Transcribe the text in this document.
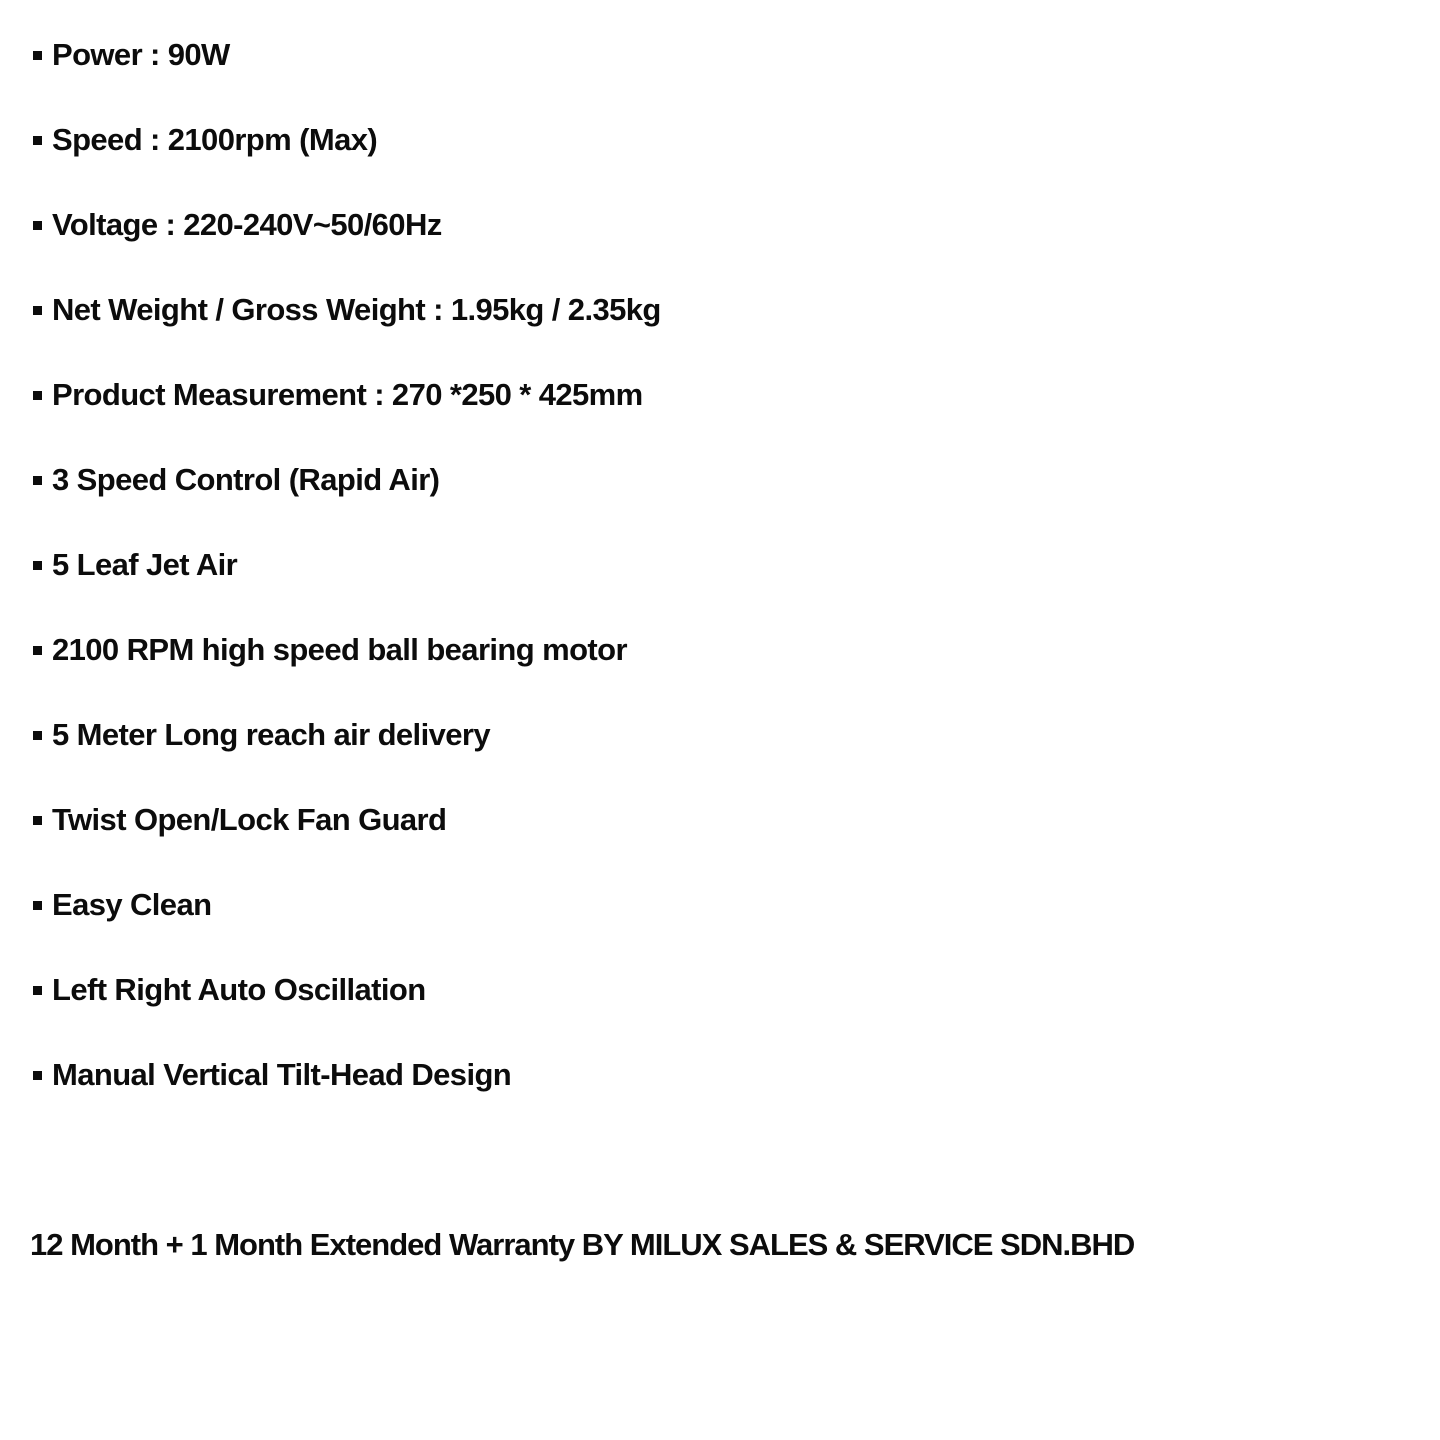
Power : 90W
Speed : 2100rpm (Max)
Voltage : 220-240V~50/60Hz
Net Weight / Gross Weight : 1.95kg / 2.35kg
Product Measurement : 270 *250 * 425mm
3 Speed Control (Rapid Air)
5 Leaf Jet Air
2100 RPM high speed ball bearing motor
5 Meter Long reach air delivery
Twist Open/Lock Fan Guard
Easy Clean
Left Right Auto Oscillation
Manual Vertical Tilt-Head Design
12 Month + 1 Month Extended Warranty BY MILUX SALES & SERVICE SDN.BHD
